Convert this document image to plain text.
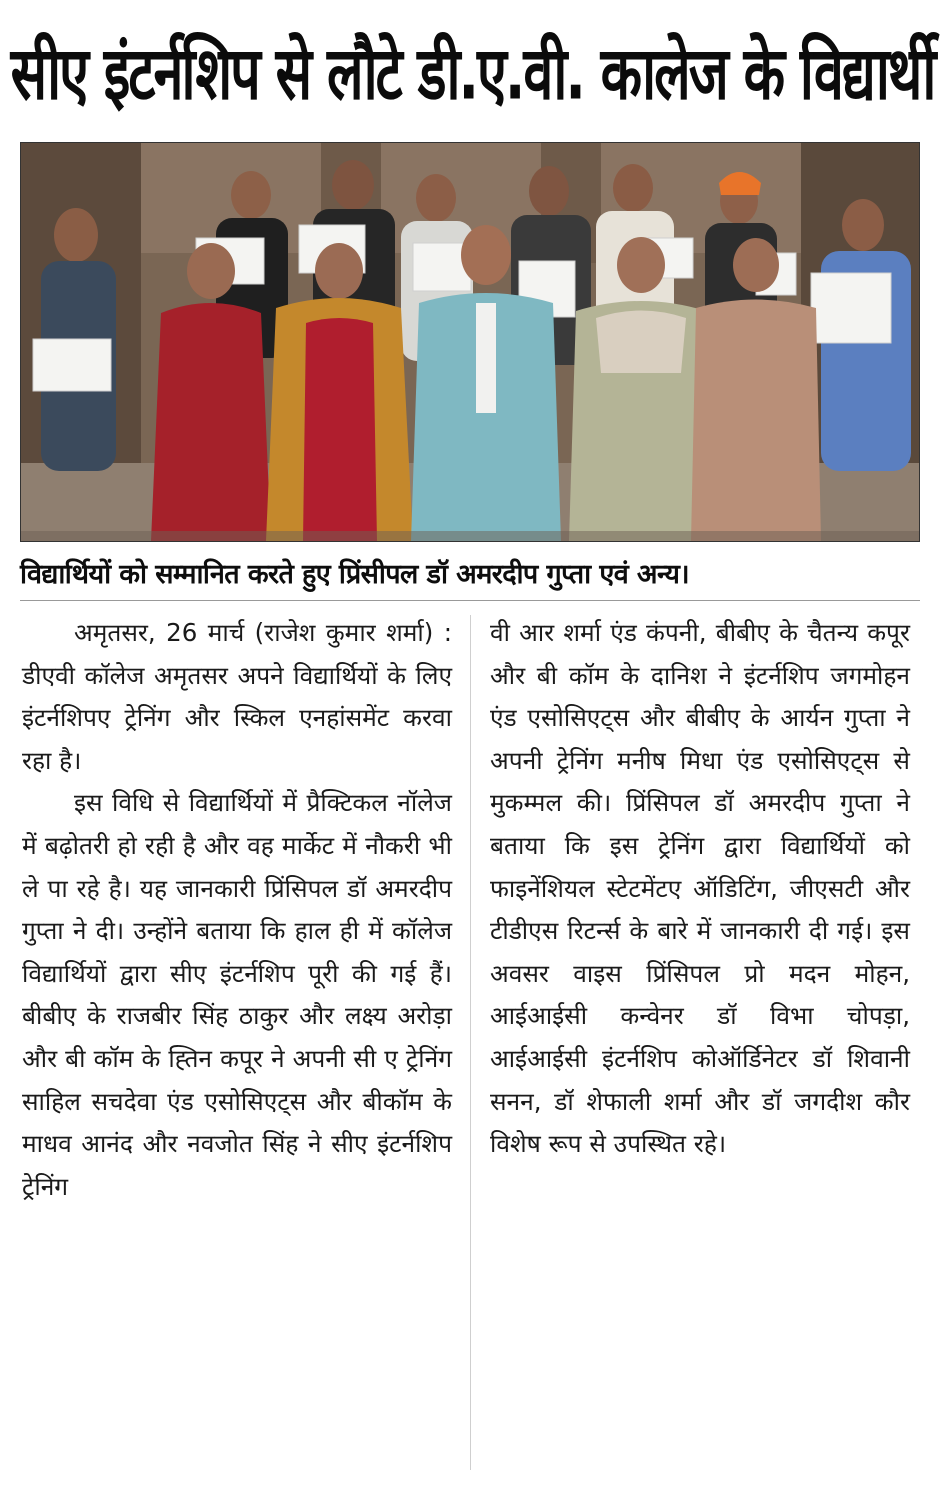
सीए इंटर्नशिप से लौटे डी.ए.वी. कालेज के विद्यार्थी
विद्यार्थियों को सम्मानित करते हुए प्रिंसीपल डॉ अमरदीप गुप्ता एवं अन्य।

अमृतसर, 26 मार्च (राजेश कुमार शर्मा) : डीएवी कॉलेज अमृतसर अपने विद्यार्थियों के लिए इंटर्नशिपए ट्रेनिंग और स्किल एनहांसमेंट करवा रहा है।

इस विधि से विद्यार्थियों में प्रैक्टिकल नॉलेज में बढ़ोतरी हो रही है और वह मार्केट में नौकरी भी ले पा रहे है। यह जानकारी प्रिंसिपल डॉ अमरदीप गुप्ता ने दी। उन्होंने बताया कि हाल ही में कॉलेज विद्यार्थियों द्वारा सीए इंटर्नशिप पूरी की गई हैं। बीबीए के राजबीर सिंह ठाकुर और लक्ष्य अरोड़ा और बी कॉम के ह्तिन कपूर ने अपनी सी ए ट्रेनिंग साहिल सचदेवा एंड एसोसिएट्स और बीकॉम के माधव आनंद और नवजोत सिंह ने सीए इंटर्नशिप ट्रेनिंग

वी आर शर्मा एंड कंपनी, बीबीए के चैतन्य कपूर और बी कॉम के दानिश ने इंटर्नशिप जगमोहन एंड एसोसिएट्स और बीबीए के आर्यन गुप्ता ने अपनी ट्रेनिंग मनीष मिधा एंड एसोसिएट्स से मुकम्मल की। प्रिंसिपल डॉ अमरदीप गुप्ता ने बताया कि इस ट्रेनिंग द्वारा विद्यार्थियों को फाइनेंशियल स्टेटमेंटए ऑडिटिंग, जीएसटी और टीडीएस रिटर्न्स के बारे में जानकारी दी गई। इस अवसर वाइस प्रिंसिपल प्रो मदन मोहन, आईआईसी कन्वेनर डॉ विभा चोपड़ा, आईआईसी इंटर्नशिप कोऑर्डिनेटर डॉ शिवानी सनन, डॉ शेफाली शर्मा और डॉ जगदीश कौर विशेष रूप से उपस्थित रहे।
